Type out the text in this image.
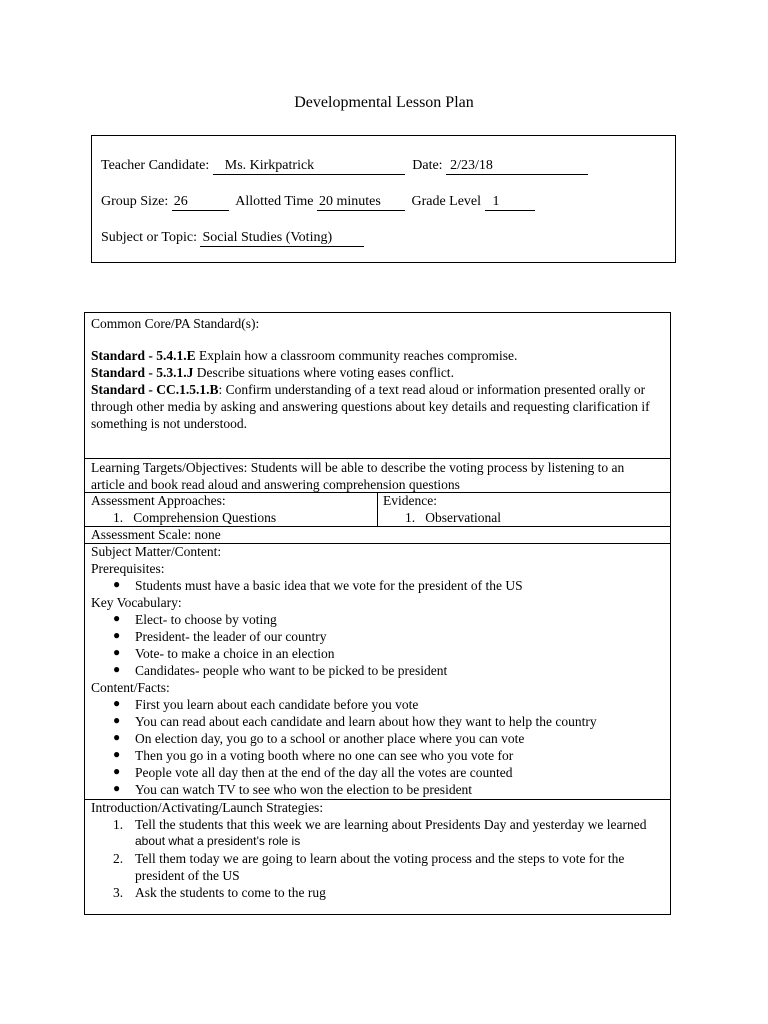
Developmental Lesson Plan
Teacher Candidate: Ms. Kirkpatrick	Date: 2/23/18
Group Size: 26	Allotted Time 20 minutes Grade Level 1
Subject or Topic: Social Studies (Voting)
Common Core/PA Standard(s):
Standard - 5.4.1.E Explain how a classroom community reaches compromise.
Standard - 5.3.1.J Describe situations where voting eases conflict.
Standard - CC.1.5.1.B: Confirm understanding of a text read aloud or information presented orally or through other media by asking and answering questions about key details and requesting clarification if something is not understood.
Learning Targets/Objectives: Students will be able to describe the voting process by listening to an article and book read aloud and answering comprehension questions
Assessment Approaches:
1.   Comprehension Questions
Evidence:
1.   Observational
Assessment Scale: none
Subject Matter/Content:
Prerequisites:
● Students must have a basic idea that we vote for the president of the US
Key Vocabulary:
● Elect- to choose by voting
● President- the leader of our country
● Vote- to make a choice in an election
● Candidates- people who want to be picked to be president
Content/Facts:
● First you learn about each candidate before you vote
● You can read about each candidate and learn about how they want to help the country
● On election day, you go to a school or another place where you can vote
● Then you go in a voting booth where no one can see who you vote for
● People vote all day then at the end of the day all the votes are counted
● You can watch TV to see who won the election to be president
Introduction/Activating/Launch Strategies:
1. Tell the students that this week we are learning about Presidents Day and yesterday we learned
about what a president’s role is
2. Tell them today we are going to learn about the voting process and the steps to vote for the president of the US
3. Ask the students to come to the rug
